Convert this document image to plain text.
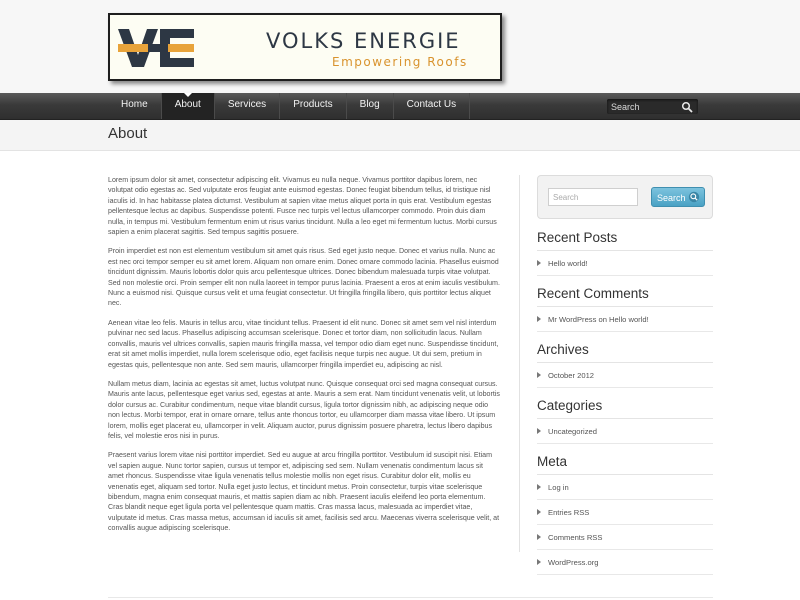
VOLKS ENERGIE
Empowering Roofs
Home	About	Services	Products	Blog	Contact Us
Search
About

Lorem ipsum dolor sit amet, consectetur adipiscing elit. Vivamus eu nulla neque. Vivamus porttitor dapibus lorem, nec volutpat odio egestas ac. Sed vulputate eros feugiat ante euismod egestas. Donec feugiat bibendum tellus, id tristique nisl iaculis id. In hac habitasse platea dictumst. Vestibulum at sapien vitae metus aliquet porta in quis erat. Vestibulum egestas pellentesque lectus ac dapibus. Suspendisse potenti. Fusce nec turpis vel lectus ullamcorper commodo. Proin duis diam nulla, in tempus mi. Vestibulum fermentum enim ut risus varius tincidunt. Nulla a leo eget mi fermentum luctus. Morbi cursus sapien a enim placerat sagittis. Sed tempus sagittis posuere.

Proin imperdiet est non est elementum vestibulum sit amet quis risus. Sed eget justo neque. Donec et varius nulla. Nunc ac est nec orci tempor semper eu sit amet lorem. Aliquam non ornare enim. Donec ornare commodo lacinia. Phasellus euismod tincidunt dignissim. Mauris lobortis dolor quis arcu pellentesque ultrices. Donec bibendum malesuada turpis vitae volutpat. Sed non molestie orci. Proin semper elit non nulla laoreet in tempor purus lacinia. Praesent a eros at enim iaculis vestibulum. Nunc a euismod nisi. Quisque cursus velit et urna feugiat consectetur. Ut fringilla fringilla libero, quis porttitor lectus aliquet nec.

Aenean vitae leo felis. Mauris in tellus arcu, vitae tincidunt tellus. Praesent id elit nunc. Donec sit amet sem vel nisl interdum pulvinar nec sed lacus. Phasellus adipiscing accumsan scelerisque. Donec et tortor diam, non sollicitudin lacus. Nullam convallis, mauris vel ultrices convallis, sapien mauris fringilla massa, vel tempor odio diam eget nunc. Suspendisse tincidunt, erat sit amet mollis imperdiet, nulla lorem scelerisque odio, eget facilisis neque turpis nec augue. Ut dui sem, pretium in egestas quis, pellentesque non ante. Sed sem mauris, ullamcorper fringilla imperdiet eu, adipiscing ac nisl.

Nullam metus diam, lacinia ac egestas sit amet, luctus volutpat nunc. Quisque consequat orci sed magna consequat cursus. Mauris ante lacus, pellentesque eget varius sed, egestas at ante. Mauris a sem erat. Nam tincidunt venenatis velit, ut lobortis dolor cursus ac. Curabitur condimentum, neque vitae blandit cursus, ligula tortor dignissim nibh, ac adipiscing neque odio non lectus. Morbi tempor, erat in ornare ornare, tellus ante rhoncus tortor, eu ullamcorper diam massa vitae libero. Ut ipsum lorem, mollis eget placerat eu, ullamcorper in velit. Aliquam auctor, purus dignissim posuere pharetra, lectus libero dapibus felis, vel molestie eros nisi in purus.

Praesent varius lorem vitae nisi porttitor imperdiet. Sed eu augue at arcu fringilla porttitor. Vestibulum id suscipit nisi. Etiam vel sapien augue. Nunc tortor sapien, cursus ut tempor et, adipiscing sed sem. Nullam venenatis condimentum lacus sit amet rhoncus. Suspendisse vitae ligula venenatis tellus molestie mollis non eget risus. Curabitur dolor elit, mollis eu venenatis eget, aliquam sed tortor. Nulla eget justo lectus, et tincidunt metus. Proin consectetur, turpis vitae scelerisque bibendum, magna enim consequat mauris, et mattis sapien diam ac nibh. Praesent iaculis eleifend leo porta elementum. Cras blandit neque eget ligula porta vel pellentesque quam mattis. Cras massa lacus, malesuada ac imperdiet vitae, vulputate id metus. Cras massa metus, accumsan id iaculis sit amet, facilisis sed arcu. Maecenas viverra scelerisque velit, at convallis augue adipiscing scelerisque.

Search
Search
Recent Posts
Hello world!
Recent Comments
Mr WordPress on Hello world!
Archives
October 2012
Categories
Uncategorized
Meta
Log in
Entries RSS
Comments RSS
WordPress.org
